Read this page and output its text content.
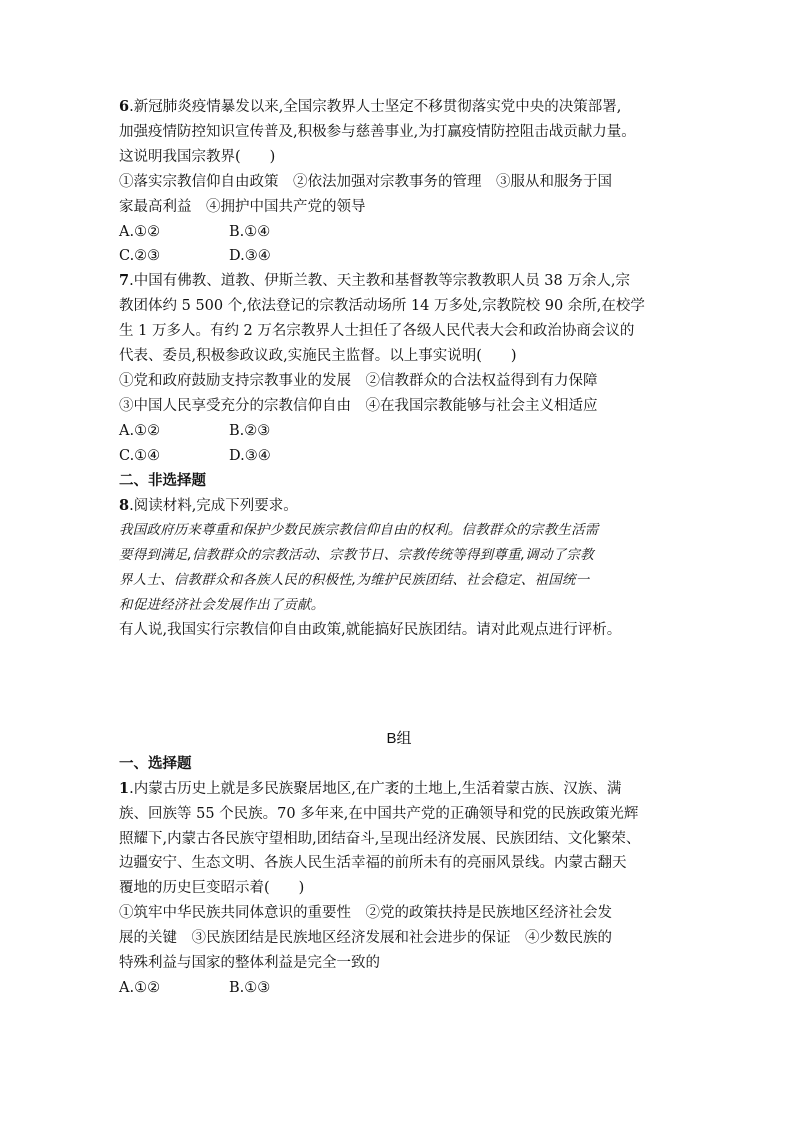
6.新冠肺炎疫情暴发以来,全国宗教界人士坚定不移贯彻落实党中央的决策部署,
加强疫情防控知识宣传普及,积极参与慈善事业,为打赢疫情防控阻击战贡献力量。
这说明我国宗教界(　　)
①落实宗教信仰自由政策　②依法加强对宗教事务的管理　③服从和服务于国
家最高利益　④拥护中国共产党的领导
A.①②	B.①④
C.②③	D.③④
7.中国有佛教、道教、伊斯兰教、天主教和基督教等宗教教职人员 38 万余人,宗
教团体约 5 500 个,依法登记的宗教活动场所 14 万多处,宗教院校 90 余所,在校学
生 1 万多人。有约 2 万名宗教界人士担任了各级人民代表大会和政治协商会议的
代表、委员,积极参政议政,实施民主监督。以上事实说明(　　)
①党和政府鼓励支持宗教事业的发展　②信教群众的合法权益得到有力保障
③中国人民享受充分的宗教信仰自由　④在我国宗教能够与社会主义相适应
A.①②	B.②③
C.①④	D.③④
二、非选择题
8.阅读材料,完成下列要求。
我国政府历来尊重和保护少数民族宗教信仰自由的权利。信教群众的宗教生活需
要得到满足,信教群众的宗教活动、宗教节日、宗教传统等得到尊重,调动了宗教
界人士、信教群众和各族人民的积极性,为维护民族团结、社会稳定、祖国统一
和促进经济社会发展作出了贡献。
有人说,我国实行宗教信仰自由政策,就能搞好民族团结。请对此观点进行评析。
B组
一、选择题
1.内蒙古历史上就是多民族聚居地区,在广袤的土地上,生活着蒙古族、汉族、满
族、回族等 55 个民族。70 多年来,在中国共产党的正确领导和党的民族政策光辉
照耀下,内蒙古各民族守望相助,团结奋斗,呈现出经济发展、民族团结、文化繁荣、
边疆安宁、生态文明、各族人民生活幸福的前所未有的亮丽风景线。内蒙古翻天
覆地的历史巨变昭示着(　　)
①筑牢中华民族共同体意识的重要性　②党的政策扶持是民族地区经济社会发
展的关键　③民族团结是民族地区经济发展和社会进步的保证　④少数民族的
特殊利益与国家的整体利益是完全一致的
A.①②	B.①③
